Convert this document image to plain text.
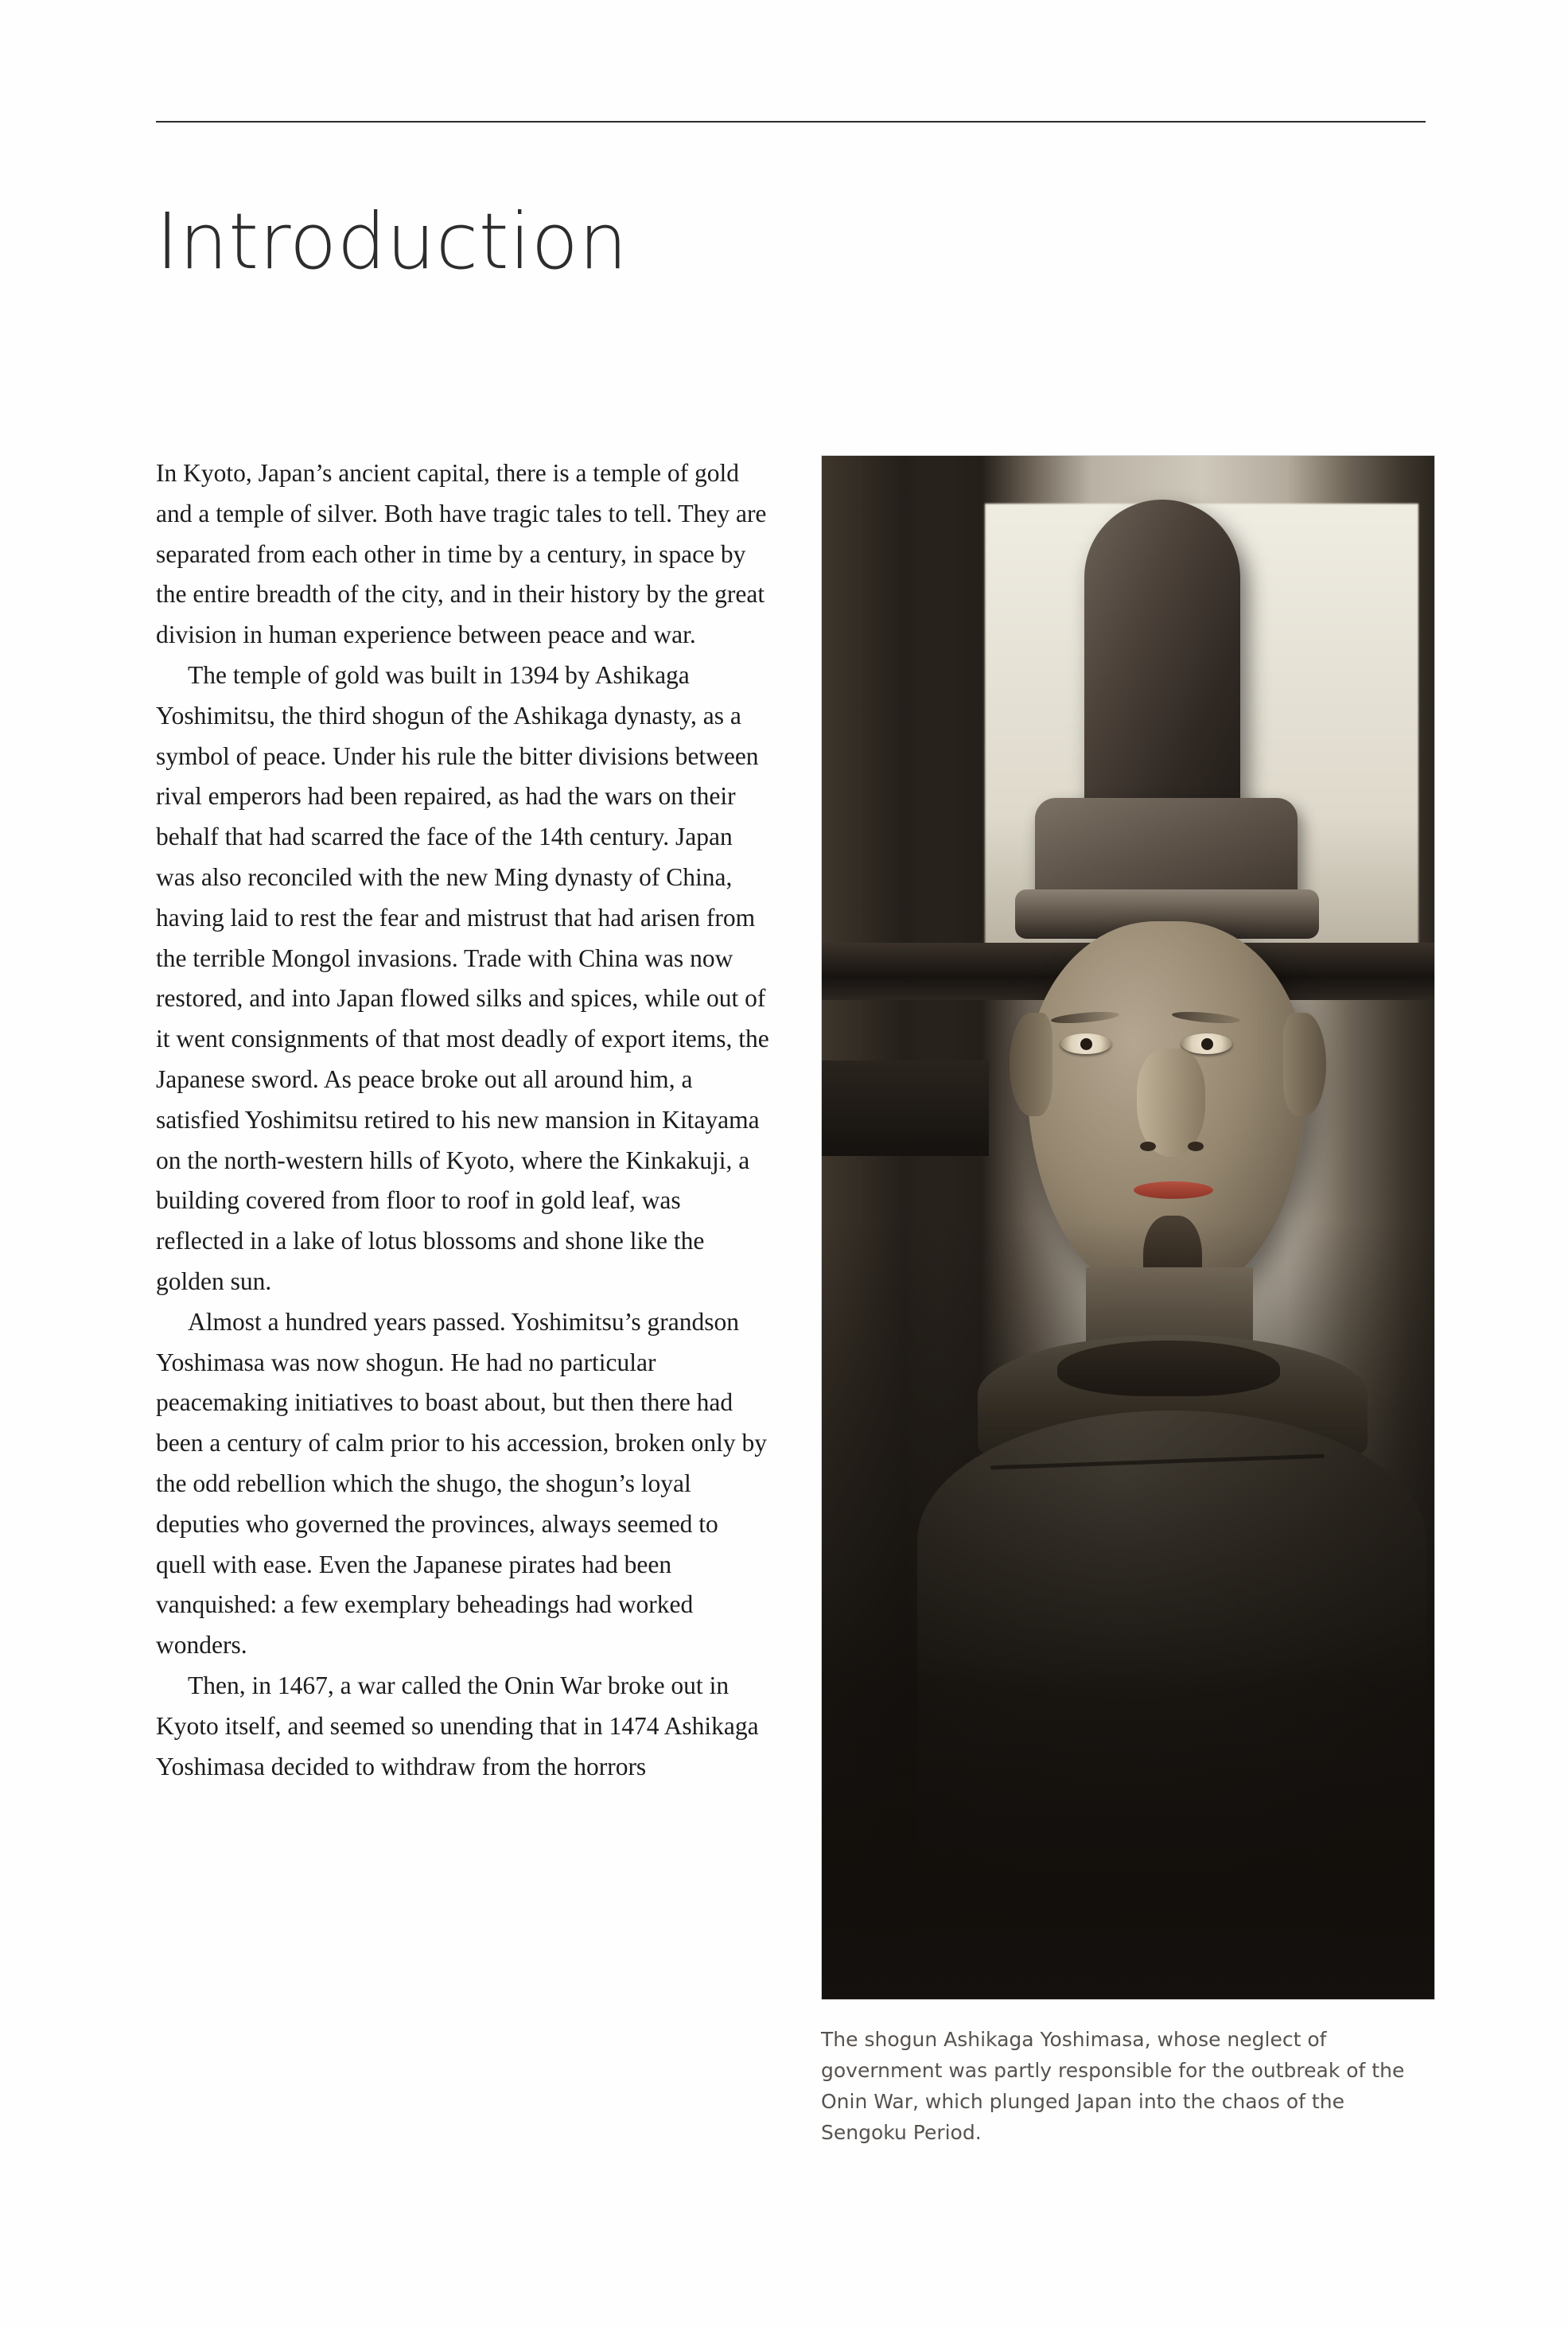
Introduction

In Kyoto, Japan’s ancient capital, there is a temple of gold and a temple of silver. Both have tragic tales to tell. They are separated from each other in time by a century, in space by the entire breadth of the city, and in their history by the great division in human experience between peace and war.

The temple of gold was built in 1394 by Ashikaga Yoshimitsu, the third shogun of the Ashikaga dynasty, as a symbol of peace. Under his rule the bitter divisions between rival emperors had been repaired, as had the wars on their behalf that had scarred the face of the 14th century. Japan was also reconciled with the new Ming dynasty of China, having laid to rest the fear and mistrust that had arisen from the terrible Mongol invasions. Trade with China was now restored, and into Japan flowed silks and spices, while out of it went consignments of that most deadly of export items, the Japanese sword. As peace broke out all around him, a satisfied Yoshimitsu retired to his new mansion in Kitayama on the north-western hills of Kyoto, where the Kinkakuji, a building covered from floor to roof in gold leaf, was reflected in a lake of lotus blossoms and shone like the golden sun.

Almost a hundred years passed. Yoshimitsu’s grandson Yoshimasa was now shogun. He had no particular peacemaking initiatives to boast about, but then there had been a century of calm prior to his accession, broken only by the odd rebellion which the shugo, the shogun’s loyal deputies who governed the provinces, always seemed to quell with ease. Even the Japanese pirates had been vanquished: a few exemplary beheadings had worked wonders.

Then, in 1467, a war called the Onin War broke out in Kyoto itself, and seemed so unending that in 1474 Ashikaga Yoshimasa decided to withdraw from the horrors

The shogun Ashikaga Yoshimasa, whose neglect of government was partly responsible for the outbreak of the Onin War, which plunged Japan into the chaos of the Sengoku Period.
